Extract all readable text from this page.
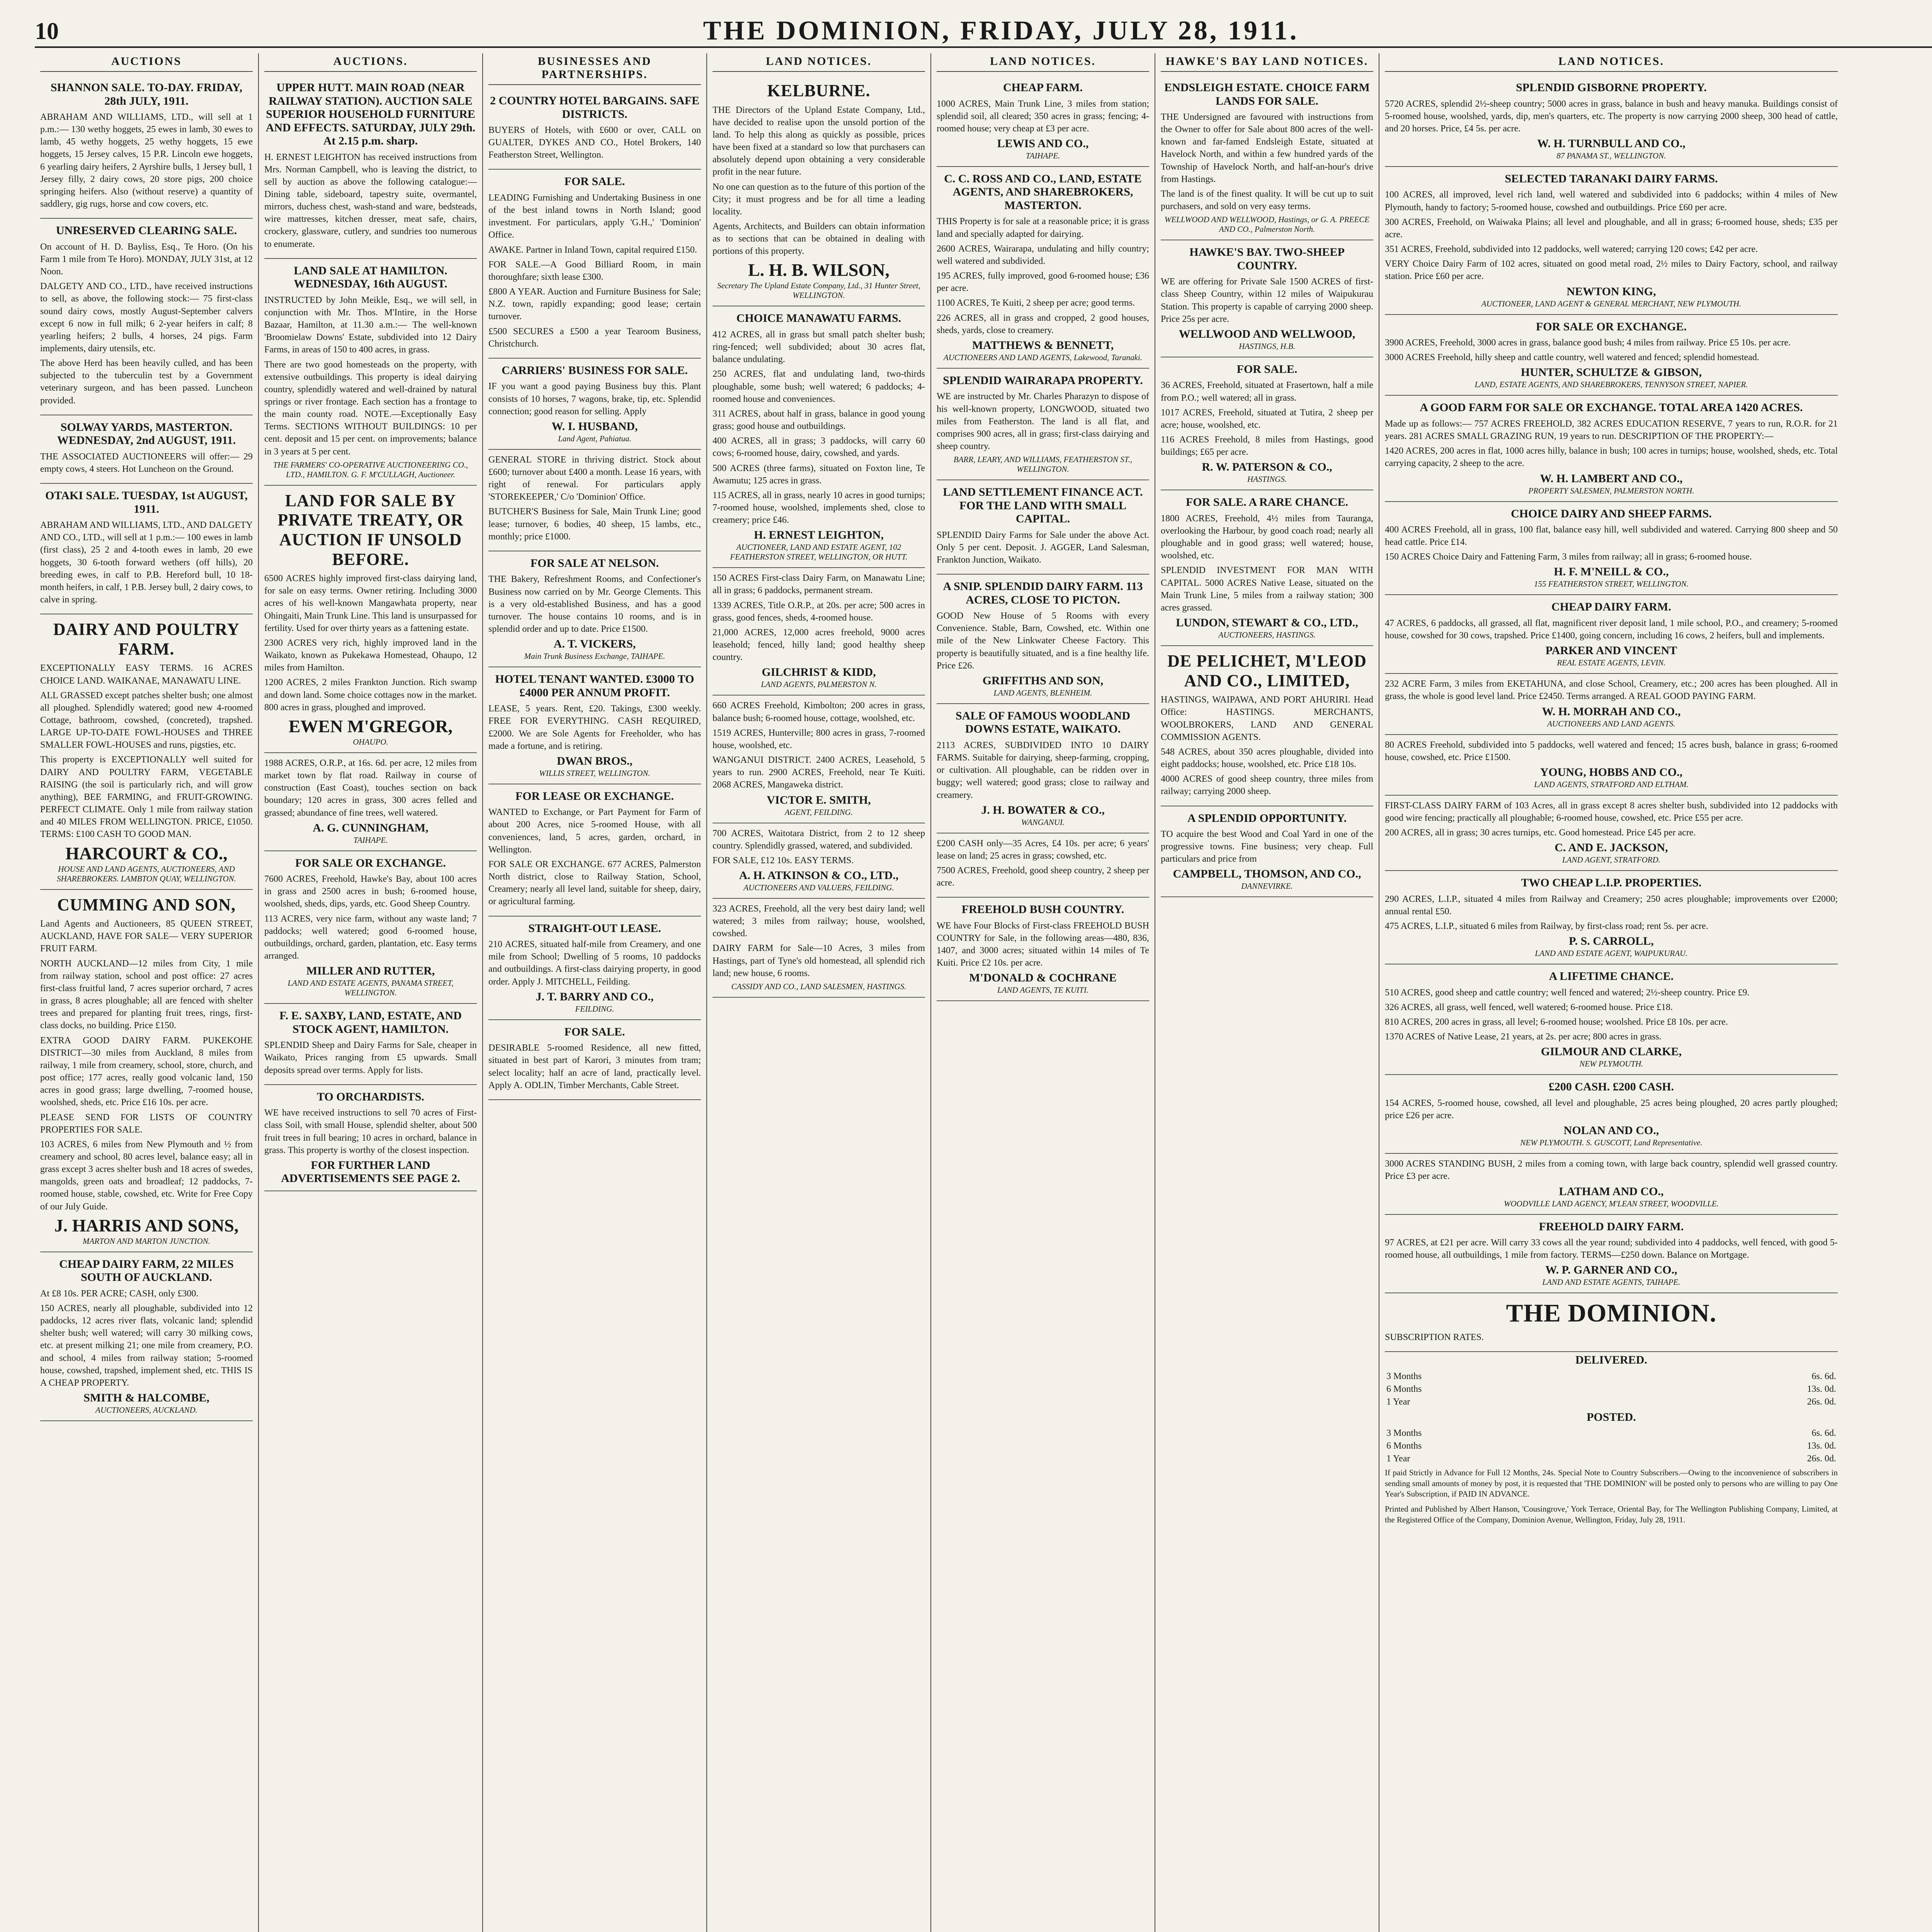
10	THE DOMINION, FRIDAY, JULY 28, 1911.
AUCTIONS
SHANNON SALE. TO-DAY. FRIDAY, 28th JULY, 1911.

ABRAHAM AND WILLIAMS, LTD., will sell at 1 p.m.:— 130 wethy hoggets, 25 ewes in lamb, 30 ewes to lamb, 45 wethy hoggets, 25 wethy hoggets, 15 ewe hoggets, 15 Jersey calves, 15 P.R. Lincoln ewe hoggets, 6 yearling dairy heifers, 2 Ayrshire bulls, 1 Jersey bull, 1 Jersey filly, 2 dairy cows, 20 store pigs, 200 choice springing heifers. Also (without reserve) a quantity of saddlery, gig rugs, horse and cow covers, etc.

UNRESERVED CLEARING SALE.

On account of H. D. Bayliss, Esq., Te Horo. (On his Farm 1 mile from Te Horo). MONDAY, JULY 31st, at 12 Noon.

DALGETY AND CO., LTD., have received instructions to sell, as above, the following stock:— 75 first-class sound dairy cows, mostly August-September calvers except 6 now in full milk; 6 2-year heifers in calf; 8 yearling heifers; 2 bulls, 4 horses, 24 pigs. Farm implements, dairy utensils, etc.

The above Herd has been heavily culled, and has been subjected to the tuberculin test by a Government veterinary surgeon, and has been passed. Luncheon provided.

SOLWAY YARDS, MASTERTON. WEDNESDAY, 2nd AUGUST, 1911.

THE ASSOCIATED AUCTIONEERS will offer:— 29 empty cows, 4 steers. Hot Luncheon on the Ground.

OTAKI SALE. TUESDAY, 1st AUGUST, 1911.

ABRAHAM AND WILLIAMS, LTD., AND DALGETY AND CO., LTD., will sell at 1 p.m.:— 100 ewes in lamb (first class), 25 2 and 4-tooth ewes in lamb, 20 ewe hoggets, 30 6-tooth forward wethers (off hills), 20 breeding ewes, in calf to P.B. Hereford bull, 10 18-month heifers, in calf, 1 P.B. Jersey bull, 2 dairy cows, to calve in spring.

DAIRY AND POULTRY FARM.

EXCEPTIONALLY EASY TERMS. 16 ACRES CHOICE LAND. WAIKANAE, MANAWATU LINE.

ALL GRASSED except patches shelter bush; one almost all ploughed. Splendidly watered; good new 4-roomed Cottage, bathroom, cowshed, (concreted), trapshed. LARGE UP-TO-DATE FOWL-HOUSES and THREE SMALLER FOWL-HOUSES and runs, pigsties, etc.

This property is EXCEPTIONALLY well suited for DAIRY AND POULTRY FARM, VEGETABLE RAISING (the soil is particularly rich, and will grow anything), BEE FARMING, and FRUIT-GROWING. PERFECT CLIMATE. Only 1 mile from railway station and 40 MILES FROM WELLINGTON. PRICE, £1050. TERMS: £100 CASH TO GOOD MAN.

HARCOURT & CO.,
HOUSE AND LAND AGENTS, AUCTIONEERS, AND SHAREBROKERS. LAMBTON QUAY, WELLINGTON.
CUMMING AND SON,

Land Agents and Auctioneers, 85 QUEEN STREET, AUCKLAND, HAVE FOR SALE— VERY SUPERIOR FRUIT FARM.

NORTH AUCKLAND—12 miles from City, 1 mile from railway station, school and post office: 27 acres first-class fruitful land, 7 acres superior orchard, 7 acres in grass, 8 acres ploughable; all are fenced with shelter trees and prepared for planting fruit trees, rings, first-class docks, no building. Price £150.

EXTRA GOOD DAIRY FARM. PUKEKOHE DISTRICT—30 miles from Auckland, 8 miles from railway, 1 mile from creamery, school, store, church, and post office; 177 acres, really good volcanic land, 150 acres in good grass; large dwelling, 7-roomed house, woolshed, sheds, etc. Price £16 10s. per acre.

PLEASE SEND FOR LISTS OF COUNTRY PROPERTIES FOR SALE.

103 ACRES, 6 miles from New Plymouth and ½ from creamery and school, 80 acres level, balance easy; all in grass except 3 acres shelter bush and 18 acres of swedes, mangolds, green oats and broadleaf; 12 paddocks, 7-roomed house, stable, cowshed, etc. Write for Free Copy of our July Guide.

J. HARRIS AND SONS,
MARTON AND MARTON JUNCTION.
CHEAP DAIRY FARM, 22 MILES SOUTH OF AUCKLAND.

At £8 10s. PER ACRE; CASH, only £300.

150 ACRES, nearly all ploughable, subdivided into 12 paddocks, 12 acres river flats, volcanic land; splendid shelter bush; well watered; will carry 30 milking cows, etc. at present milking 21; one mile from creamery, P.O. and school, 4 miles from railway station; 5-roomed house, cowshed, trapshed, implement shed, etc. THIS IS A CHEAP PROPERTY.

SMITH & HALCOMBE,
AUCTIONEERS, AUCKLAND.
AUCTIONS.
UPPER HUTT. MAIN ROAD (NEAR RAILWAY STATION). AUCTION SALE SUPERIOR HOUSEHOLD FURNITURE AND EFFECTS. SATURDAY, JULY 29th. At 2.15 p.m. sharp.

H. ERNEST LEIGHTON has received instructions from Mrs. Norman Campbell, who is leaving the district, to sell by auction as above the following catalogue:— Dining table, sideboard, tapestry suite, overmantel, mirrors, duchess chest, wash-stand and ware, bedsteads, wire mattresses, kitchen dresser, meat safe, chairs, crockery, glassware, cutlery, and sundries too numerous to enumerate.

LAND SALE AT HAMILTON. WEDNESDAY, 16th AUGUST.

INSTRUCTED by John Meikle, Esq., we will sell, in conjunction with Mr. Thos. M'Intire, in the Horse Bazaar, Hamilton, at 11.30 a.m.:— The well-known 'Broomielaw Downs' Estate, subdivided into 12 Dairy Farms, in areas of 150 to 400 acres, in grass.

There are two good homesteads on the property, with extensive outbuildings. This property is ideal dairying country, splendidly watered and well-drained by natural springs or river frontage. Each section has a frontage to the main county road. NOTE.—Exceptionally Easy Terms. SECTIONS WITHOUT BUILDINGS: 10 per cent. deposit and 15 per cent. on improvements; balance in 3 years at 5 per cent.

THE FARMERS' CO-OPERATIVE AUCTIONEERING CO., LTD., HAMILTON. G. F. M'CULLAGH, Auctioneer.
LAND FOR SALE BY PRIVATE TREATY, OR AUCTION IF UNSOLD BEFORE.

6500 ACRES highly improved first-class dairying land, for sale on easy terms. Owner retiring. Including 3000 acres of his well-known Mangawhata property, near Ohingaiti, Main Trunk Line. This land is unsurpassed for fertility. Used for over thirty years as a fattening estate.

2300 ACRES very rich, highly improved land in the Waikato, known as Pukekawa Homestead, Ohaupo, 12 miles from Hamilton.

1200 ACRES, 2 miles Frankton Junction. Rich swamp and down land. Some choice cottages now in the market. 800 acres in grass, ploughed and improved.

EWEN M'GREGOR,
OHAUPO.

1988 ACRES, O.R.P., at 16s. 6d. per acre, 12 miles from market town by flat road. Railway in course of construction (East Coast), touches section on back boundary; 120 acres in grass, 300 acres felled and grassed; abundance of fine trees, well watered.

A. G. CUNNINGHAM,
TAIHAPE.
FOR SALE OR EXCHANGE.

7600 ACRES, Freehold, Hawke's Bay, about 100 acres in grass and 2500 acres in bush; 6-roomed house, woolshed, sheds, dips, yards, etc. Good Sheep Country.

113 ACRES, very nice farm, without any waste land; 7 paddocks; well watered; good 6-roomed house, outbuildings, orchard, garden, plantation, etc. Easy terms arranged.

MILLER AND RUTTER,
LAND AND ESTATE AGENTS, PANAMA STREET, WELLINGTON.
F. E. SAXBY, LAND, ESTATE, AND STOCK AGENT, HAMILTON.

SPLENDID Sheep and Dairy Farms for Sale, cheaper in Waikato, Prices ranging from £5 upwards. Small deposits spread over terms. Apply for lists.

TO ORCHARDISTS.

WE have received instructions to sell 70 acres of First-class Soil, with small House, splendid shelter, about 500 fruit trees in full bearing; 10 acres in orchard, balance in grass. This property is worthy of the closest inspection.

FOR FURTHER LAND ADVERTISEMENTS SEE PAGE 2.
BUSINESSES AND PARTNERSHIPS.
2 COUNTRY HOTEL BARGAINS. SAFE DISTRICTS.

BUYERS of Hotels, with £600 or over, CALL on GUALTER, DYKES AND CO., Hotel Brokers, 140 Featherston Street, Wellington.

FOR SALE.

LEADING Furnishing and Undertaking Business in one of the best inland towns in North Island; good investment. For particulars, apply 'G.H.,' 'Dominion' Office.

AWAKE. Partner in Inland Town, capital required £150.

FOR SALE.—A Good Billiard Room, in main thoroughfare; sixth lease £300.

£800 A YEAR. Auction and Furniture Business for Sale; N.Z. town, rapidly expanding; good lease; certain turnover.

£500 SECURES a £500 a year Tearoom Business, Christchurch.

CARRIERS' BUSINESS FOR SALE.

IF you want a good paying Business buy this. Plant consists of 10 horses, 7 wagons, brake, tip, etc. Splendid connection; good reason for selling. Apply

W. I. HUSBAND,
Land Agent, Pahiatua.

GENERAL STORE in thriving district. Stock about £600; turnover about £400 a month. Lease 16 years, with right of renewal. For particulars apply 'STOREKEEPER,' C/o 'Dominion' Office.

BUTCHER'S Business for Sale, Main Trunk Line; good lease; turnover, 6 bodies, 40 sheep, 15 lambs, etc., monthly; price £1000.

FOR SALE AT NELSON.

THE Bakery, Refreshment Rooms, and Confectioner's Business now carried on by Mr. George Clements. This is a very old-established Business, and has a good turnover. The house contains 10 rooms, and is in splendid order and up to date. Price £1500.

A. T. VICKERS,
Main Trunk Business Exchange, TAIHAPE.
HOTEL TENANT WANTED. £3000 TO £4000 PER ANNUM PROFIT.

LEASE, 5 years. Rent, £20. Takings, £300 weekly. FREE FOR EVERYTHING. CASH REQUIRED, £2000. We are Sole Agents for Freeholder, who has made a fortune, and is retiring.

DWAN BROS.,
WILLIS STREET, WELLINGTON.
FOR LEASE OR EXCHANGE.

WANTED to Exchange, or Part Payment for Farm of about 200 Acres, nice 5-roomed House, with all conveniences, land, 5 acres, garden, orchard, in Wellington.

FOR SALE OR EXCHANGE. 677 ACRES, Palmerston North district, close to Railway Station, School, Creamery; nearly all level land, suitable for sheep, dairy, or agricultural farming.

STRAIGHT-OUT LEASE.

210 ACRES, situated half-mile from Creamery, and one mile from School; Dwelling of 5 rooms, 10 paddocks and outbuildings. A first-class dairying property, in good order. Apply J. MITCHELL, Feilding.

J. T. BARRY AND CO.,
FEILDING.
FOR SALE.

DESIRABLE 5-roomed Residence, all new fitted, situated in best part of Karori, 3 minutes from tram; select locality; half an acre of land, practically level. Apply A. ODLIN, Timber Merchants, Cable Street.

LAND NOTICES.
KELBURNE.

THE Directors of the Upland Estate Company, Ltd., have decided to realise upon the unsold portion of the land. To help this along as quickly as possible, prices have been fixed at a standard so low that purchasers can absolutely depend upon obtaining a very considerable profit in the near future.

No one can question as to the future of this portion of the City; it must progress and be for all time a leading locality.

Agents, Architects, and Builders can obtain information as to sections that can be obtained in dealing with portions of this property.

L. H. B. WILSON,
Secretary The Upland Estate Company, Ltd., 31 Hunter Street, WELLINGTON.
CHOICE MANAWATU FARMS.

412 ACRES, all in grass but small patch shelter bush; ring-fenced; well subdivided; about 30 acres flat, balance undulating.

250 ACRES, flat and undulating land, two-thirds ploughable, some bush; well watered; 6 paddocks; 4-roomed house and conveniences.

311 ACRES, about half in grass, balance in good young grass; good house and outbuildings.

400 ACRES, all in grass; 3 paddocks, will carry 60 cows; 6-roomed house, dairy, cowshed, and yards.

500 ACRES (three farms), situated on Foxton line, Te Awamutu; 125 acres in grass.

115 ACRES, all in grass, nearly 10 acres in good turnips; 7-roomed house, woolshed, implements shed, close to creamery; price £46.

H. ERNEST LEIGHTON,
AUCTIONEER, LAND AND ESTATE AGENT, 102 FEATHERSTON STREET, WELLINGTON, OR HUTT.

150 ACRES First-class Dairy Farm, on Manawatu Line; all in grass; 6 paddocks, permanent stream.

1339 ACRES, Title O.R.P., at 20s. per acre; 500 acres in grass, good fences, sheds, 4-roomed house.

21,000 ACRES, 12,000 acres freehold, 9000 acres leasehold; fenced, hilly land; good healthy sheep country.

GILCHRIST & KIDD,
LAND AGENTS, PALMERSTON N.

660 ACRES Freehold, Kimbolton; 200 acres in grass, balance bush; 6-roomed house, cottage, woolshed, etc.

1519 ACRES, Hunterville; 800 acres in grass, 7-roomed house, woolshed, etc.

WANGANUI DISTRICT. 2400 ACRES, Leasehold, 5 years to run. 2900 ACRES, Freehold, near Te Kuiti. 2068 ACRES, Mangaweka district.

VICTOR E. SMITH,
AGENT, FEILDING.

700 ACRES, Waitotara District, from 2 to 12 sheep country. Splendidly grassed, watered, and subdivided.

FOR SALE, £12 10s. EASY TERMS.

A. H. ATKINSON & CO., LTD.,
AUCTIONEERS AND VALUERS, FEILDING.

323 ACRES, Freehold, all the very best dairy land; well watered; 3 miles from railway; house, woolshed, cowshed.

DAIRY FARM for Sale—10 Acres, 3 miles from Hastings, part of Tyne's old homestead, all splendid rich land; new house, 6 rooms.

CASSIDY AND CO., LAND SALESMEN, HASTINGS.
LAND NOTICES.
CHEAP FARM.

1000 ACRES, Main Trunk Line, 3 miles from station; splendid soil, all cleared; 350 acres in grass; fencing; 4-roomed house; very cheap at £3 per acre.

LEWIS AND CO.,
TAIHAPE.
C. C. ROSS AND CO., LAND, ESTATE AGENTS, AND SHAREBROKERS, MASTERTON.

THIS Property is for sale at a reasonable price; it is grass land and specially adapted for dairying.

2600 ACRES, Wairarapa, undulating and hilly country; well watered and subdivided.

195 ACRES, fully improved, good 6-roomed house; £36 per acre.

1100 ACRES, Te Kuiti, 2 sheep per acre; good terms.

226 ACRES, all in grass and cropped, 2 good houses, sheds, yards, close to creamery.

MATTHEWS & BENNETT,
AUCTIONEERS AND LAND AGENTS, Lakewood, Taranaki.
SPLENDID WAIRARAPA PROPERTY.

WE are instructed by Mr. Charles Pharazyn to dispose of his well-known property, LONGWOOD, situated two miles from Featherston. The land is all flat, and comprises 900 acres, all in grass; first-class dairying and sheep country.

BARR, LEARY, AND WILLIAMS, FEATHERSTON ST., WELLINGTON.
LAND SETTLEMENT FINANCE ACT. FOR THE LAND WITH SMALL CAPITAL.

SPLENDID Dairy Farms for Sale under the above Act. Only 5 per cent. Deposit. J. AGGER, Land Salesman, Frankton Junction, Waikato.

A SNIP. SPLENDID DAIRY FARM. 113 ACRES, CLOSE TO PICTON.

GOOD New House of 5 Rooms with every Convenience. Stable, Barn, Cowshed, etc. Within one mile of the New Linkwater Cheese Factory. This property is beautifully situated, and is a fine healthy life. Price £26.

GRIFFITHS AND SON,
LAND AGENTS, BLENHEIM.
SALE OF FAMOUS WOODLAND DOWNS ESTATE, WAIKATO.

2113 ACRES, SUBDIVIDED INTO 10 DAIRY FARMS. Suitable for dairying, sheep-farming, cropping, or cultivation. All ploughable, can be ridden over in buggy; well watered; good grass; close to railway and creamery.

J. H. BOWATER & CO.,
WANGANUI.

£200 CASH only—35 Acres, £4 10s. per acre; 6 years' lease on land; 25 acres in grass; cowshed, etc.

7500 ACRES, Freehold, good sheep country, 2 sheep per acre.

FREEHOLD BUSH COUNTRY.

WE have Four Blocks of First-class FREEHOLD BUSH COUNTRY for Sale, in the following areas—480, 836, 1407, and 3000 acres; situated within 14 miles of Te Kuiti. Price £2 10s. per acre.

M'DONALD & COCHRANE
LAND AGENTS, TE KUITI.
HAWKE'S BAY LAND NOTICES.
ENDSLEIGH ESTATE. CHOICE FARM LANDS FOR SALE.

THE Undersigned are favoured with instructions from the Owner to offer for Sale about 800 acres of the well-known and far-famed Endsleigh Estate, situated at Havelock North, and within a few hundred yards of the Township of Havelock North, and half-an-hour's drive from Hastings.

The land is of the finest quality. It will be cut up to suit purchasers, and sold on very easy terms.

WELLWOOD AND WELLWOOD, Hastings, or G. A. PREECE AND CO., Palmerston North.
HAWKE'S BAY. TWO-SHEEP COUNTRY.

WE are offering for Private Sale 1500 ACRES of first-class Sheep Country, within 12 miles of Waipukurau Station. This property is capable of carrying 2000 sheep. Price 25s per acre.

WELLWOOD AND WELLWOOD,
HASTINGS, H.B.
FOR SALE.

36 ACRES, Freehold, situated at Frasertown, half a mile from P.O.; well watered; all in grass.

1017 ACRES, Freehold, situated at Tutira, 2 sheep per acre; house, woolshed, etc.

116 ACRES Freehold, 8 miles from Hastings, good buildings; £65 per acre.

R. W. PATERSON & CO.,
HASTINGS.
FOR SALE. A RARE CHANCE.

1800 ACRES, Freehold, 4½ miles from Tauranga, overlooking the Harbour, by good coach road; nearly all ploughable and in good grass; well watered; house, woolshed, etc.

SPLENDID INVESTMENT FOR MAN WITH CAPITAL. 5000 ACRES Native Lease, situated on the Main Trunk Line, 5 miles from a railway station; 300 acres grassed.

LUNDON, STEWART & CO., LTD.,
AUCTIONEERS, HASTINGS.
DE PELICHET, M'LEOD AND CO., LIMITED,

HASTINGS, WAIPAWA, AND PORT AHURIRI. Head Office: HASTINGS. MERCHANTS, WOOLBROKERS, LAND AND GENERAL COMMISSION AGENTS.

548 ACRES, about 350 acres ploughable, divided into eight paddocks; house, woolshed, etc. Price £18 10s.

4000 ACRES of good sheep country, three miles from railway; carrying 2000 sheep.

A SPLENDID OPPORTUNITY.

TO acquire the best Wood and Coal Yard in one of the progressive towns. Fine business; very cheap. Full particulars and price from

CAMPBELL, THOMSON, AND CO.,
DANNEVIRKE.
LAND NOTICES.
SPLENDID GISBORNE PROPERTY.

5720 ACRES, splendid 2½-sheep country; 5000 acres in grass, balance in bush and heavy manuka. Buildings consist of 5-roomed house, woolshed, yards, dip, men's quarters, etc. The property is now carrying 2000 sheep, 300 head of cattle, and 20 horses. Price, £4 5s. per acre.

W. H. TURNBULL AND CO.,
87 PANAMA ST., WELLINGTON.
SELECTED TARANAKI DAIRY FARMS.

100 ACRES, all improved, level rich land, well watered and subdivided into 6 paddocks; within 4 miles of New Plymouth, handy to factory; 5-roomed house, cowshed and outbuildings. Price £60 per acre.

300 ACRES, Freehold, on Waiwaka Plains; all level and ploughable, and all in grass; 6-roomed house, sheds; £35 per acre.

351 ACRES, Freehold, subdivided into 12 paddocks, well watered; carrying 120 cows; £42 per acre.

VERY Choice Dairy Farm of 102 acres, situated on good metal road, 2½ miles to Dairy Factory, school, and railway station. Price £60 per acre.

NEWTON KING,
AUCTIONEER, LAND AGENT & GENERAL MERCHANT, NEW PLYMOUTH.
FOR SALE OR EXCHANGE.

3900 ACRES, Freehold, 3000 acres in grass, balance good bush; 4 miles from railway. Price £5 10s. per acre.

3000 ACRES Freehold, hilly sheep and cattle country, well watered and fenced; splendid homestead.

HUNTER, SCHULTZE & GIBSON,
LAND, ESTATE AGENTS, AND SHAREBROKERS, TENNYSON STREET, NAPIER.
A GOOD FARM FOR SALE OR EXCHANGE. TOTAL AREA 1420 ACRES.

Made up as follows:— 757 ACRES FREEHOLD, 382 ACRES EDUCATION RESERVE, 7 years to run, R.O.R. for 21 years. 281 ACRES SMALL GRAZING RUN, 19 years to run. DESCRIPTION OF THE PROPERTY:—

1420 ACRES, 200 acres in flat, 1000 acres hilly, balance in bush; 100 acres in turnips; house, woolshed, sheds, etc. Total carrying capacity, 2 sheep to the acre.

W. H. LAMBERT AND CO.,
PROPERTY SALESMEN, PALMERSTON NORTH.
CHOICE DAIRY AND SHEEP FARMS.

400 ACRES Freehold, all in grass, 100 flat, balance easy hill, well subdivided and watered. Carrying 800 sheep and 50 head cattle. Price £14.

150 ACRES Choice Dairy and Fattening Farm, 3 miles from railway; all in grass; 6-roomed house.

H. F. M'NEILL & CO.,
155 FEATHERSTON STREET, WELLINGTON.
CHEAP DAIRY FARM.

47 ACRES, 6 paddocks, all grassed, all flat, magnificent river deposit land, 1 mile school, P.O., and creamery; 5-roomed house, cowshed for 30 cows, trapshed. Price £1400, going concern, including 16 cows, 2 heifers, bull and implements.

PARKER AND VINCENT
REAL ESTATE AGENTS, LEVIN.

232 ACRE Farm, 3 miles from EKETAHUNA, and close School, Creamery, etc.; 200 acres has been ploughed. All in grass, the whole is good level land. Price £2450. Terms arranged. A REAL GOOD PAYING FARM.

W. H. MORRAH AND CO.,
AUCTIONEERS AND LAND AGENTS.

80 ACRES Freehold, subdivided into 5 paddocks, well watered and fenced; 15 acres bush, balance in grass; 6-roomed house, cowshed, etc. Price £1500.

YOUNG, HOBBS AND CO.,
LAND AGENTS, STRATFORD AND ELTHAM.

FIRST-CLASS DAIRY FARM of 103 Acres, all in grass except 8 acres shelter bush, subdivided into 12 paddocks with good wire fencing; practically all ploughable; 6-roomed house, cowshed, etc. Price £55 per acre.

200 ACRES, all in grass; 30 acres turnips, etc. Good homestead. Price £45 per acre.

C. AND E. JACKSON,
LAND AGENT, STRATFORD.
TWO CHEAP L.I.P. PROPERTIES.

290 ACRES, L.I.P., situated 4 miles from Railway and Creamery; 250 acres ploughable; improvements over £2000; annual rental £50.

475 ACRES, L.I.P., situated 6 miles from Railway, by first-class road; rent 5s. per acre.

P. S. CARROLL,
LAND AND ESTATE AGENT, WAIPUKURAU.
A LIFETIME CHANCE.

510 ACRES, good sheep and cattle country; well fenced and watered; 2½-sheep country. Price £9.

326 ACRES, all grass, well fenced, well watered; 6-roomed house. Price £18.

810 ACRES, 200 acres in grass, all level; 6-roomed house; woolshed. Price £8 10s. per acre.

1370 ACRES of Native Lease, 21 years, at 2s. per acre; 800 acres in grass.

GILMOUR AND CLARKE,
NEW PLYMOUTH.
£200 CASH. £200 CASH.

154 ACRES, 5-roomed house, cowshed, all level and ploughable, 25 acres being ploughed, 20 acres partly ploughed; price £26 per acre.

NOLAN AND CO.,
NEW PLYMOUTH. S. GUSCOTT, Land Representative.

3000 ACRES STANDING BUSH, 2 miles from a coming town, with large back country, splendid well grassed country. Price £3 per acre.

LATHAM AND CO.,
WOODVILLE LAND AGENCY, M'LEAN STREET, WOODVILLE.
FREEHOLD DAIRY FARM.

97 ACRES, at £21 per acre. Will carry 33 cows all the year round; subdivided into 4 paddocks, well fenced, with good 5-roomed house, all outbuildings, 1 mile from factory. TERMS—£250 down. Balance on Mortgage.

W. P. GARNER AND CO.,
LAND AND ESTATE AGENTS, TAIHAPE.
THE DOMINION.

SUBSCRIPTION RATES.

DELIVERED.
3 Months	6s. 6d.
6 Months	13s. 0d.
1 Year	26s. 0d.
POSTED.
3 Months	6s. 6d.
6 Months	13s. 0d.
1 Year	26s. 0d.

If paid Strictly in Advance for Full 12 Months, 24s. Special Note to Country Subscribers.—Owing to the inconvenience of subscribers in sending small amounts of money by post, it is requested that 'THE DOMINION' will be posted only to persons who are willing to pay One Year's Subscription, if PAID IN ADVANCE.

Printed and Published by Albert Hanson, 'Cousingrove,' York Terrace, Oriental Bay, for The Wellington Publishing Company, Limited, at the Registered Office of the Company, Dominion Avenue, Wellington, Friday, July 28, 1911.
